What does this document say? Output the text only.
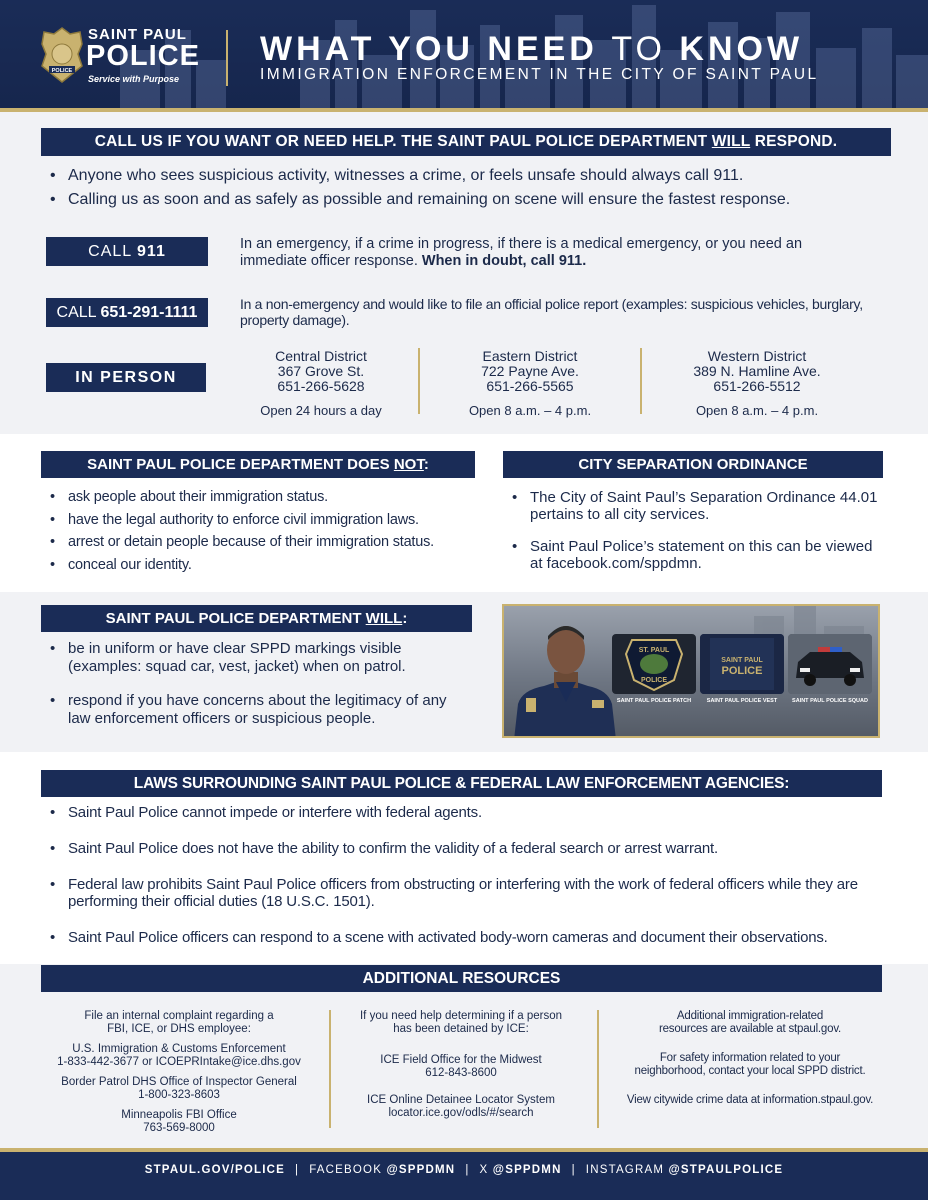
POLICE
SAINT PAUL
POLICE
Service with Purpose
WHAT YOU NEED TO KNOW
IMMIGRATION ENFORCEMENT IN THE CITY OF SAINT PAUL
CALL US IF YOU WANT OR NEED HELP. THE SAINT PAUL POLICE DEPARTMENT WILL RESPOND.
• Anyone who sees suspicious activity, witnesses a crime, or feels unsafe should always call 911.
• Calling us as soon and as safely as possible and remaining on scene will ensure the fastest response.
CALL 911	In an emergency, if a crime in progress, if there is a medical emergency, or you need an immediate officer response. When in doubt, call 911.
CALL 651-291-1111	In a non-emergency and would like to file an official police report (examples: suspicious vehicles, burglary, property damage).
IN PERSON
Central District
367 Grove St.
651-266-5628
Open 24 hours a day
Eastern District
722 Payne Ave.
651-266-5565
Open 8 a.m. – 4 p.m.
Western District
389 N. Hamline Ave.
651-266-5512
Open 8 a.m. – 4 p.m.
SAINT PAUL POLICE DEPARTMENT DOES NOT:
• ask people about their immigration status.
• have the legal authority to enforce civil immigration laws.
• arrest or detain people because of their immigration status.
• conceal our identity.
CITY SEPARATION ORDINANCE
• The City of Saint Paul’s Separation Ordinance 44.01 pertains to all city services.
• Saint Paul Police’s statement on this can be viewed at facebook.com/sppdmn.
SAINT PAUL POLICE DEPARTMENT WILL:
• be in uniform or have clear SPPD markings visible (examples: squad car, vest, jacket) when on patrol.
• respond if you have concerns about the legitimacy of any law enforcement officers or suspicious people.
ST. PAUL
POLICE
SAINT PAUL POLICE PATCH
SAINT PAUL
POLICE
SAINT PAUL POLICE VEST	SAINT PAUL POLICE SQUAD
LAWS SURROUNDING SAINT PAUL POLICE & FEDERAL LAW ENFORCEMENT AGENCIES:
• Saint Paul Police cannot impede or interfere with federal agents.
• Saint Paul Police does not have the ability to confirm the validity of a federal search or arrest warrant.
• Federal law prohibits Saint Paul Police officers from obstructing or interfering with the work of federal officers while they are performing their official duties (18 U.S.C. 1501).
• Saint Paul Police officers can respond to a scene with activated body-worn cameras and document their observations.
ADDITIONAL RESOURCES

File an internal complaint regarding a FBI, ICE, or DHS employee:

U.S. Immigration & Customs Enforcement

1-833-442-3677 or ICOEPRIntake@ice.dhs.gov

Border Patrol DHS Office of Inspector General

1-800-323-8603

Minneapolis FBI Office
763-569-8000

If you need help determining if a person has been detained by ICE:

ICE Field Office for the Midwest

612-843-8600

ICE Online Detainee Locator System
locator.ice.gov/odls/#/search

Additional immigration-related resources are available at stpaul.gov.

For safety information related to your neighborhood, contact your local SPPD district.

View citywide crime data at information.stpaul.gov.

STPAUL.GOV/POLICE | FACEBOOK @SPPDMN | X @SPPDMN | INSTAGRAM @STPAULPOLICE
